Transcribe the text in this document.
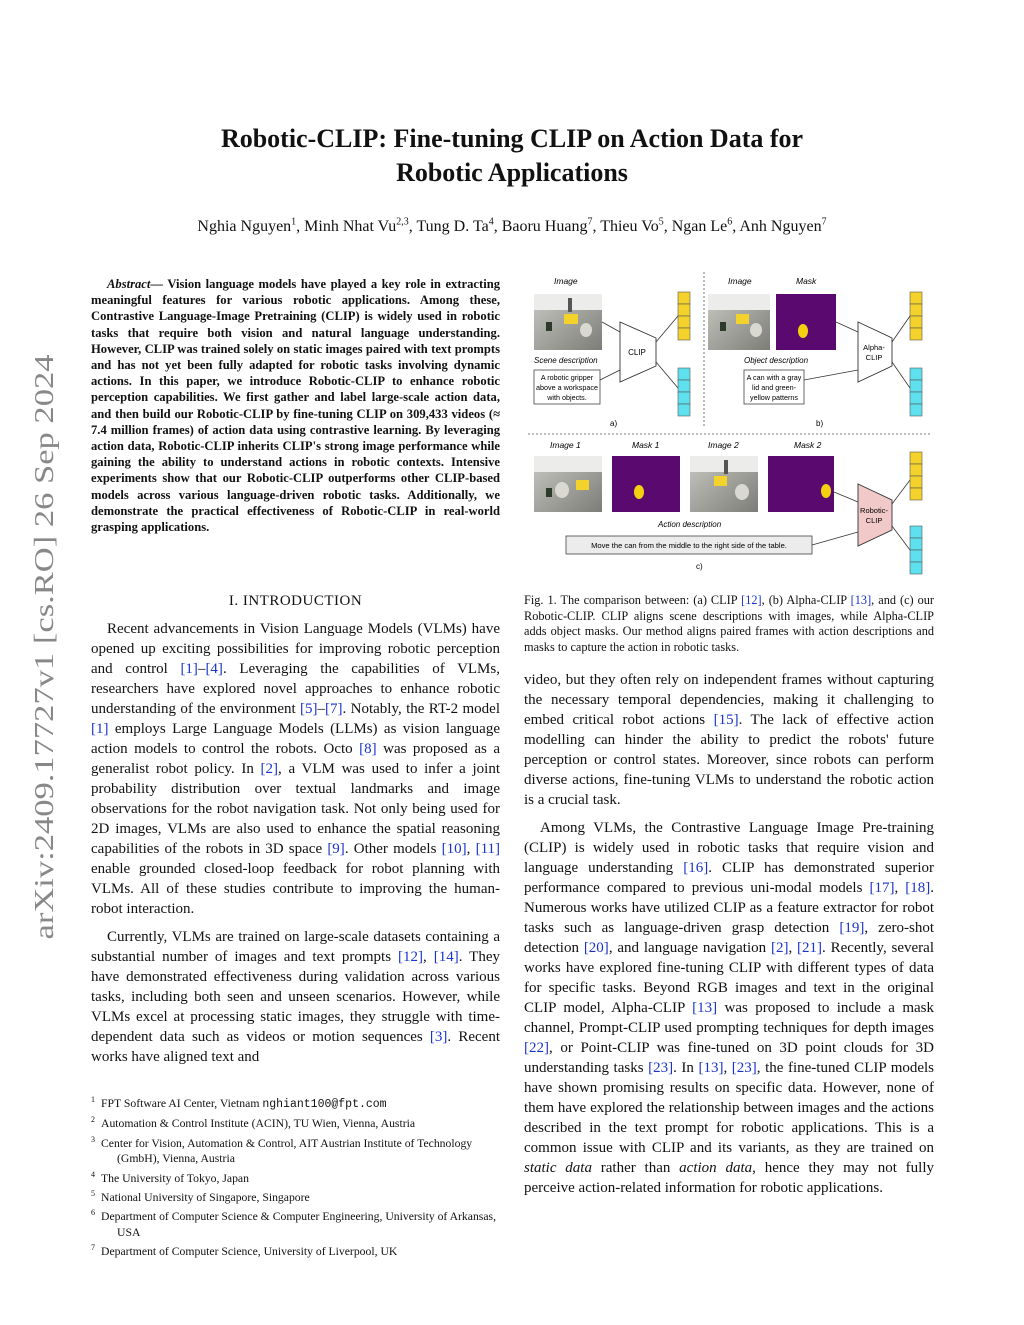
arXiv:2409.17727v1 [cs.RO] 26 Sep 2024
Robotic-CLIP: Fine-tuning CLIP on Action Data for
Robotic Applications
Nghia Nguyen$^1$, Minh Nhat Vu$^{2,3}$, Tung D. Ta$^4$, Baoru Huang$^7$, Thieu Vo$^5$, Ngan Le$^6$, Anh Nguyen$^7$
Abstract— Vision language models have played a key role in extracting meaningful features for various robotic applications. Among these, Contrastive Language-Image Pretraining (CLIP) is widely used in robotic tasks that require both vision and natural language understanding. However, CLIP was trained solely on static images paired with text prompts and has not yet been fully adapted for robotic tasks involving dynamic actions. In this paper, we introduce Robotic-CLIP to enhance robotic perception capabilities. We first gather and label large-scale action data, and then build our Robotic-CLIP by fine-tuning CLIP on 309,433 videos (≈ 7.4 million frames) of action data using contrastive learning. By leveraging action data, Robotic-CLIP inherits CLIP's strong image performance while gaining the ability to understand actions in robotic contexts. Intensive experiments show that our Robotic-CLIP outperforms other CLIP-based models across various language-driven robotic tasks. Additionally, we demonstrate the practical effectiveness of Robotic-CLIP in real-world grasping applications.
I. INTRODUCTION

Recent advancements in Vision Language Models (VLMs) have opened up exciting possibilities for improving robotic perception and control [1]–[4]. Leveraging the capabilities of VLMs, researchers have explored novel approaches to enhance robotic understanding of the environment [5]–[7]. Notably, the RT-2 model [1] employs Large Language Models (LLMs) as vision language action models to control the robots. Octo [8] was proposed as a generalist robot policy. In [2], a VLM was used to infer a joint probability distribution over textual landmarks and image observations for the robot navigation task. Not only being used for 2D images, VLMs are also used to enhance the spatial reasoning capabilities of the robots in 3D space [9]. Other models [10], [11] enable grounded closed-loop feedback for robot planning with VLMs. All of these studies contribute to improving the human-robot interaction.

Currently, VLMs are trained on large-scale datasets containing a substantial number of images and text prompts [12], [14]. They have demonstrated effectiveness during validation across various tasks, including both seen and unseen scenarios. However, while VLMs excel at processing static images, they struggle with time-dependent data such as videos or motion sequences [3]. Recent works have aligned text and

$^1$ FPT Software AI Center, Vietnam nghiant100@fpt.com
$^2$ Automation & Control Institute (ACIN), TU Wien, Vienna, Austria
$^3$ Center for Vision, Automation & Control, AIT Austrian Institute of Technology (GmbH), Vienna, Austria
$^4$ The University of Tokyo, Japan
$^5$ National University of Singapore, Singapore
$^6$ Department of Computer Science & Computer Engineering, University of Arkansas, USA
$^7$ Department of Computer Science, University of Liverpool, UK
Image
Scene description
A robotic gripper
above a workspace
with objects.
CLIP
a)
Image	Mask
Object description
A can with a gray
lid and green-
yellow patterns
Alpha-
CLIP
b)
Image 1	Mask 1	Image 2	Mask 2
Action description
Move the can from the middle to the right side of the table.
Robotic-
CLIP
c)
Fig. 1. The comparison between: (a) CLIP [12], (b) Alpha-CLIP [13], and (c) our Robotic-CLIP. CLIP aligns scene descriptions with images, while Alpha-CLIP adds object masks. Our method aligns paired frames with action descriptions and masks to capture the action in robotic tasks.

video, but they often rely on independent frames without capturing the necessary temporal dependencies, making it challenging to embed critical robot actions [15]. The lack of effective action modelling can hinder the ability to predict the robots' future perception or control states. Moreover, since robots can perform diverse actions, fine-tuning VLMs to understand the robotic action is a crucial task.

Among VLMs, the Contrastive Language Image Pre-training (CLIP) is widely used in robotic tasks that require vision and language understanding [16]. CLIP has demonstrated superior performance compared to previous uni-modal models [17], [18]. Numerous works have utilized CLIP as a feature extractor for robot tasks such as language-driven grasp detection [19], zero-shot detection [20], and language navigation [2], [21]. Recently, several works have explored fine-tuning CLIP with different types of data for specific tasks. Beyond RGB images and text in the original CLIP model, Alpha-CLIP [13] was proposed to include a mask channel, Prompt-CLIP used prompting techniques for depth images [22], or Point-CLIP was fine-tuned on 3D point clouds for 3D understanding tasks [23]. In [13], [23], the fine-tuned CLIP models have shown promising results on specific data. However, none of them have explored the relationship between images and the actions described in the text prompt for robotic applications. This is a common issue with CLIP and its variants, as they are trained on static data rather than action data, hence they may not fully perceive action-related information for robotic applications.
